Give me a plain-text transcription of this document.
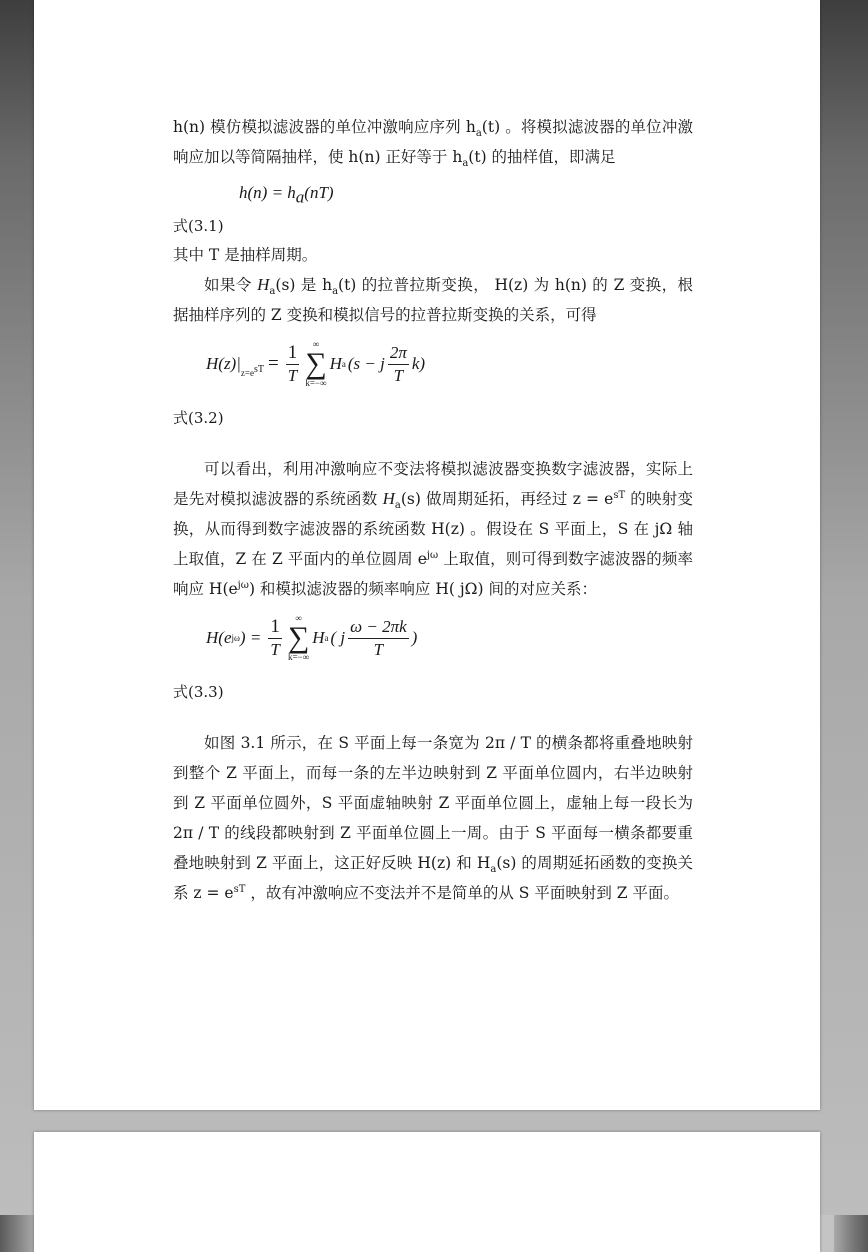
h(n) 模仿模拟滤波器的单位冲激响应序列 $h_a(t)$ 。将模拟滤波器的单位冲激响应加以等简隔抽样，使 h(n) 正好等于 $h_a(t)$ 的抽样值，即满足

$h(n) = h_a(nT)$

式(3.1)

其中 T 是抽样周期。

如果令 $H_a(s)$ 是 $h_a(t)$ 的拉普拉斯变换， H(z) 为 h(n) 的 Z 变换，根据抽样序列的 Z 变换和模拟信号的拉普拉斯变换的关系，可得

H(z)| $z=e^{sT} = \frac{1}{T}$	∞
∑
k=−∞
H a (s − j $\frac{2\pi}{T} k$)

式(3.2)

可以看出，利用冲激响应不变法将模拟滤波器变换数字滤波器，实际上是先对模拟滤波器的系统函数 $H_a(s)$ 做周期延拓，再经过 $z = e^{sT}$ 的映射变换，从而得到数字滤波器的系统函数 H(z) 。假设在 S 平面上，S 在 jΩ 轴上取值，Z 在 Z 平面内的单位圆周 $e^{j\omega}$ 上取值，则可得到数字滤波器的频率响应 $H(e^{j\omega})$ 和模拟滤波器的频率响应 H( jΩ) 间的对应关系：

H(e jω ) = $\frac{1}{T}$	∞
∑
k=−∞
H a ( j $\frac{\omega - 2\pi k}{T}$ )

式(3.3)

如图 3.1 所示，在 S 平面上每一条宽为 2π / T 的横条都将重叠地映射到整个 Z 平面上，而每一条的左半边映射到 Z 平面单位圆内，右半边映射到 Z 平面单位圆外，S 平面虚轴映射 Z 平面单位圆上，虚轴上每一段长为 2π / T 的线段都映射到 Z 平面单位圆上一周。由于 S 平面每一横条都要重叠地映射到 Z 平面上，这正好反映 H(z) 和 $H_a(s)$ 的周期延拓函数的变换关系 $z = e^{sT}$ ，故有冲激响应不变法并不是简单的从 S 平面映射到 Z 平面。
